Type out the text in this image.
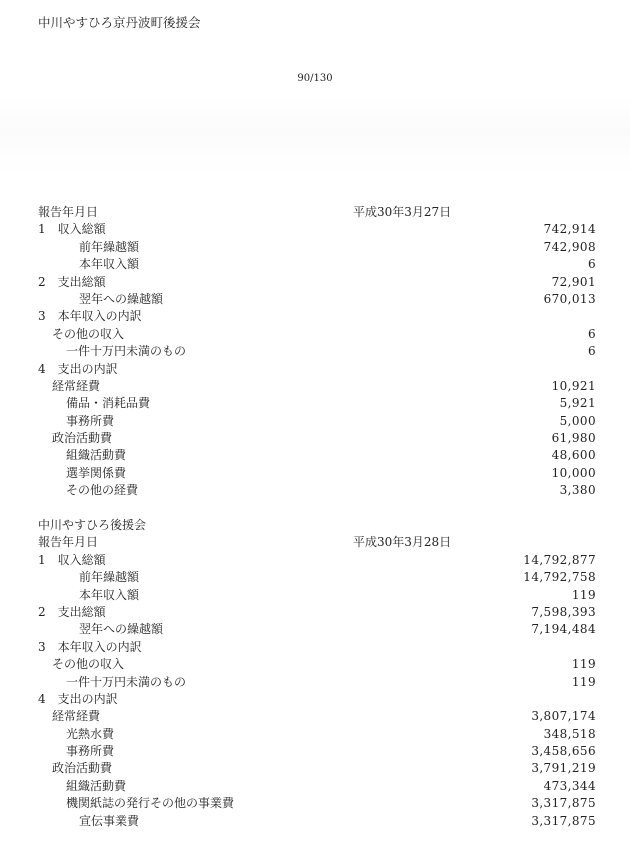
中川やすひろ京丹波町後援会
90/130
報告年月日	平成30年3月27日
1　収入総額	742,914
前年繰越額	742,908
本年収入額	6
2　支出総額	72,901
翌年への繰越額	670,013
3　本年収入の内訳
その他の収入	6
一件十万円未満のもの	6
4　支出の内訳
経常経費	10,921
備品・消耗品費	5,921
事務所費	5,000
政治活動費	61,980
組織活動費	48,600
選挙関係費	10,000
その他の経費	3,380
中川やすひろ後援会
報告年月日	平成30年3月28日
1　収入総額	14,792,877
前年繰越額	14,792,758
本年収入額	119
2　支出総額	7,598,393
翌年への繰越額	7,194,484
3　本年収入の内訳
その他の収入	119
一件十万円未満のもの	119
4　支出の内訳
経常経費	3,807,174
光熱水費	348,518
事務所費	3,458,656
政治活動費	3,791,219
組織活動費	473,344
機関紙誌の発行その他の事業費	3,317,875
宣伝事業費	3,317,875
